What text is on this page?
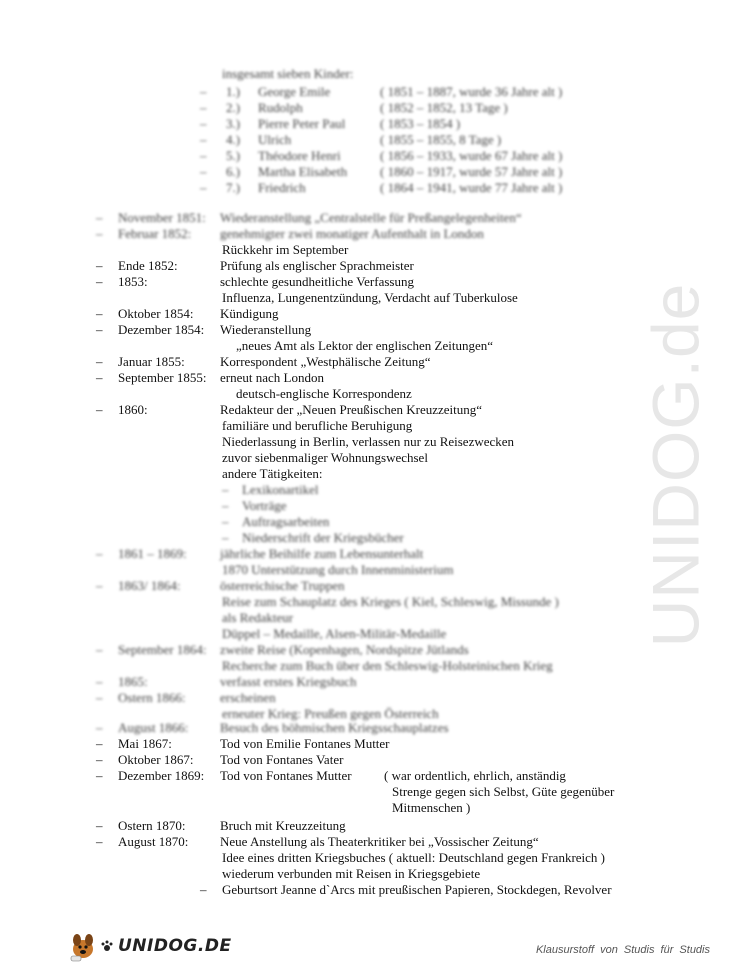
UNIDOG.de
insgesamt sieben Kinder:
– 1.) George Emile	( 1851 – 1887, wurde 36 Jahre alt )
– 2.) Rudolph	( 1852 – 1852, 13 Tage )
– 3.) Pierre Peter Paul	( 1853 – 1854 )
– 4.) Ulrich	( 1855 – 1855, 8 Tage )
– 5.) Théodore Henri	( 1856 – 1933, wurde 67 Jahre alt )
– 6.) Martha Elisabeth	( 1860 – 1917, wurde 57 Jahre alt )
– 7.) Friedrich	( 1864 – 1941, wurde 77 Jahre alt )
– November 1851: Wiederanstellung „Centralstelle für Preßangelegenheiten“
– Februar 1852: genehmigter zwei monatiger Aufenthalt in London
Rückkehr im September
– Ende 1852:	Prüfung als englischer Sprachmeister
– 1853:	schlechte gesundheitliche Verfassung
Influenza, Lungenentzündung, Verdacht auf Tuberkulose
– Oktober 1854: Kündigung
– Dezember 1854: Wiederanstellung
„neues Amt als Lektor der englischen Zeitungen“
– Januar 1855:	Korrespondent „Westphälische Zeitung“
– September 1855: erneut nach London
deutsch-englische Korrespondenz
– 1860:	Redakteur der „Neuen Preußischen Kreuzzeitung“
familiäre und berufliche Beruhigung
Niederlassung in Berlin, verlassen nur zu Reisezwecken
zuvor siebenmaliger Wohnungswechsel
andere Tätigkeiten:
– Lexikonartikel
– Vorträge
– Auftragsarbeiten
– Niederschrift der Kriegsbücher
– 1861 – 1869:	jährliche Beihilfe zum Lebensunterhalt
1870 Unterstützung durch Innenministerium
– 1863/ 1864:	österreichische Truppen
Reise zum Schauplatz des Krieges ( Kiel, Schleswig, Missunde )
als Redakteur
Düppel – Medaille, Alsen-Militär-Medaille
– September 1864: zweite Reise (Kopenhagen, Nordspitze Jütlands
Recherche zum Buch über den Schleswig-Holsteinischen Krieg
– 1865:	verfasst erstes Kriegsbuch
– Ostern 1866:	erscheinen
erneuter Krieg: Preußen gegen Österreich
– August 1866: Besuch des böhmischen Kriegsschauplatzes
– Mai 1867:	Tod von Emilie Fontanes Mutter
– Oktober 1867: Tod von Fontanes Vater
– Dezember 1869: Tod von Fontanes Mutter ( war ordentlich, ehrlich, anständig
Strenge gegen sich Selbst, Güte gegenüber
Mitmenschen )
– Ostern 1870:	Bruch mit Kreuzzeitung
– August 1870: Neue Anstellung als Theaterkritiker bei „Vossischer Zeitung“
Idee eines dritten Kriegsbuches ( aktuell: Deutschland gegen Frankreich )
wiederum verbunden mit Reisen in Kriegsgebiete
– Geburtsort Jeanne d`Arcs mit preußischen Papieren, Stockdegen, Revolver
UNIDOG.DE	Klausurstoff von Studis für Studis
